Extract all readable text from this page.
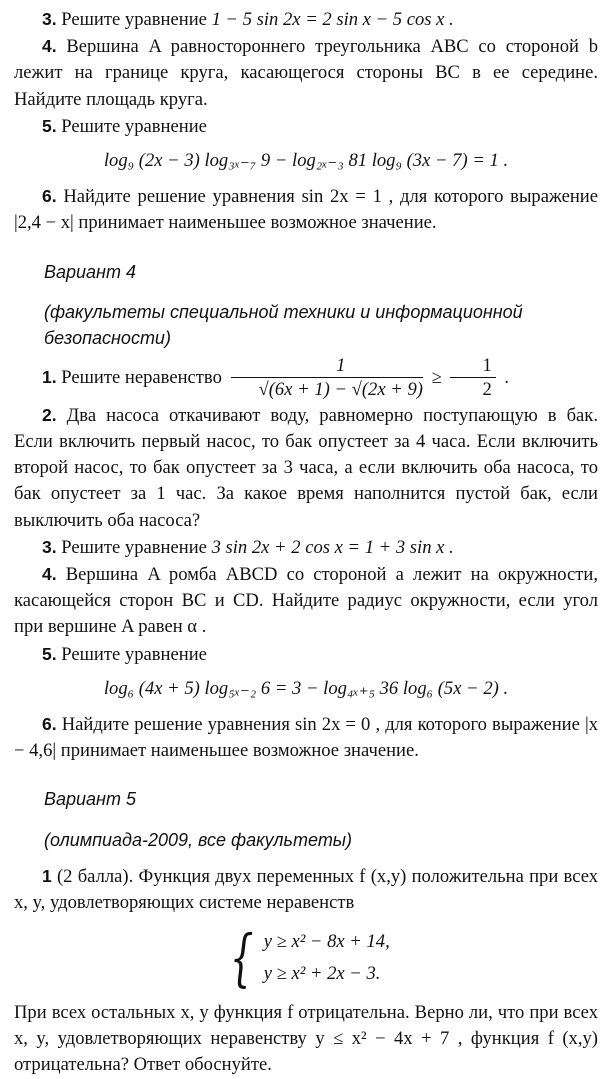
3 . Решите уравнение 1 − 5 sin 2x = 2 sin x − 5 cos x .

4 . Вершина A равностороннего треугольника ABC со стороной b лежит на границе круга, касающегося стороны BC в ее середине. Найдите площадь круга.

5 . Решите уравнение

log₉ (2x − 3) log₃ₓ₋₇ 9 − log₂ₓ₋₃ 81 log₉ (3x − 7) = 1 .

6 . Найдите решение уравнения sin 2x = 1 , для которого выражение |2,4 − x| принимает наименьшее возможное значение.

Вариант 4
(факультеты специальной техники и информационной безопасности)

1 . Решите неравенство $\frac{1}{√(6x + 1) - √(2x + 9)} \ge \frac{1}{2}$ .

2 . Два насоса откачивают воду, равномерно поступающую в бак. Если включить первый насос, то бак опустеет за 4 часа. Если включить второй насос, то бак опустеет за 3 часа, а если включить оба насоса, то бак опустеет за 1 час. За какое время наполнится пустой бак, если выключить оба насоса?

3 . Решите уравнение 3 sin 2x + 2 cos x = 1 + 3 sin x .

4 . Вершина A ромба ABCD со стороной a лежит на окружности, касающейся сторон BC и CD. Найдите радиус окружности, если угол при вершине A равен α .

5 . Решите уравнение

log₆ (4x + 5) log₅ₓ₋₂ 6 = 3 − log₄ₓ₊₅ 36 log₆ (5x − 2) .

6 . Найдите решение уравнения sin 2x = 0 , для которого выражение |x − 4,6| принимает наименьшее возможное значение.

Вариант 5
(олимпиада-2009, все факультеты)

1 (2 балла). Функция двух переменных f (x,y) положительна при всех x, y, удовлетворяющих системе неравенств

{ y ≥ x² − 8x + 14,
y ≥ x² + 2x − 3.

При всех остальных x, y функция f отрицательна. Верно ли, что при всех x, y, удовлетворяющих неравенству y ≤ x² − 4x + 7 , функция f (x,y) отрицательна? Ответ обоснуйте.
